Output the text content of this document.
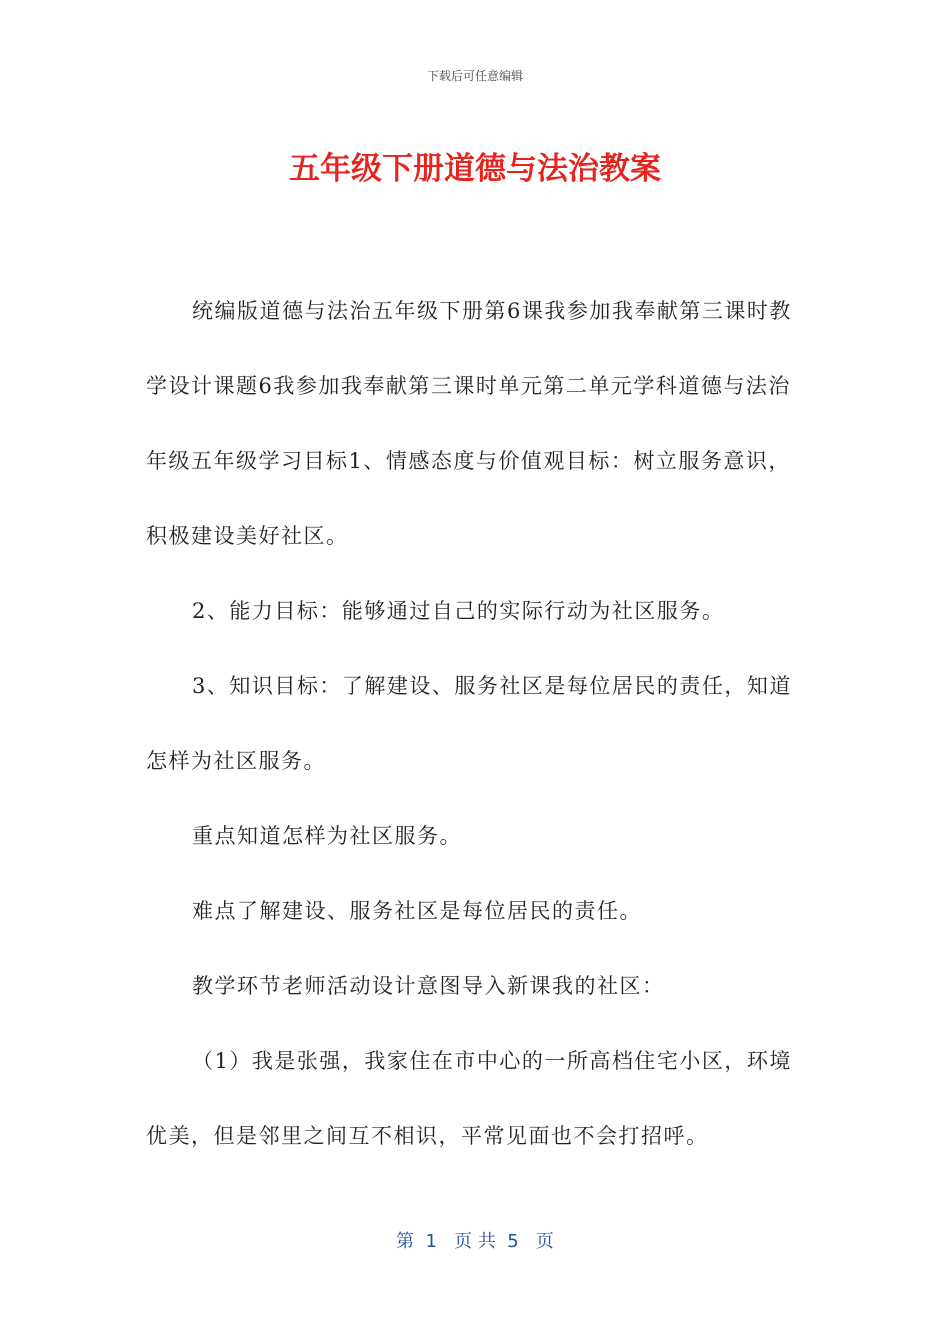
下载后可任意编辑
五年级下册道德与法治教案

统编版道德与法治五年级下册第6课我参加我奉献第三课时教学设计课题6我参加我奉献第三课时单元第二单元学科道德与法治年级五年级学习目标1、情感态度与价值观目标：树立服务意识，积极建设美好社区。

2、能力目标：能够通过自己的实际行动为社区服务。

3、知识目标：了解建设、服务社区是每位居民的责任，知道怎样为社区服务。

重点知道怎样为社区服务。

难点了解建设、服务社区是每位居民的责任。

教学环节老师活动设计意图导入新课我的社区：

（1）我是张强，我家住在市中心的一所高档住宅小区，环境优美，但是邻里之间互不相识，平常见面也不会打招呼。

第  1   页 共  5   页
